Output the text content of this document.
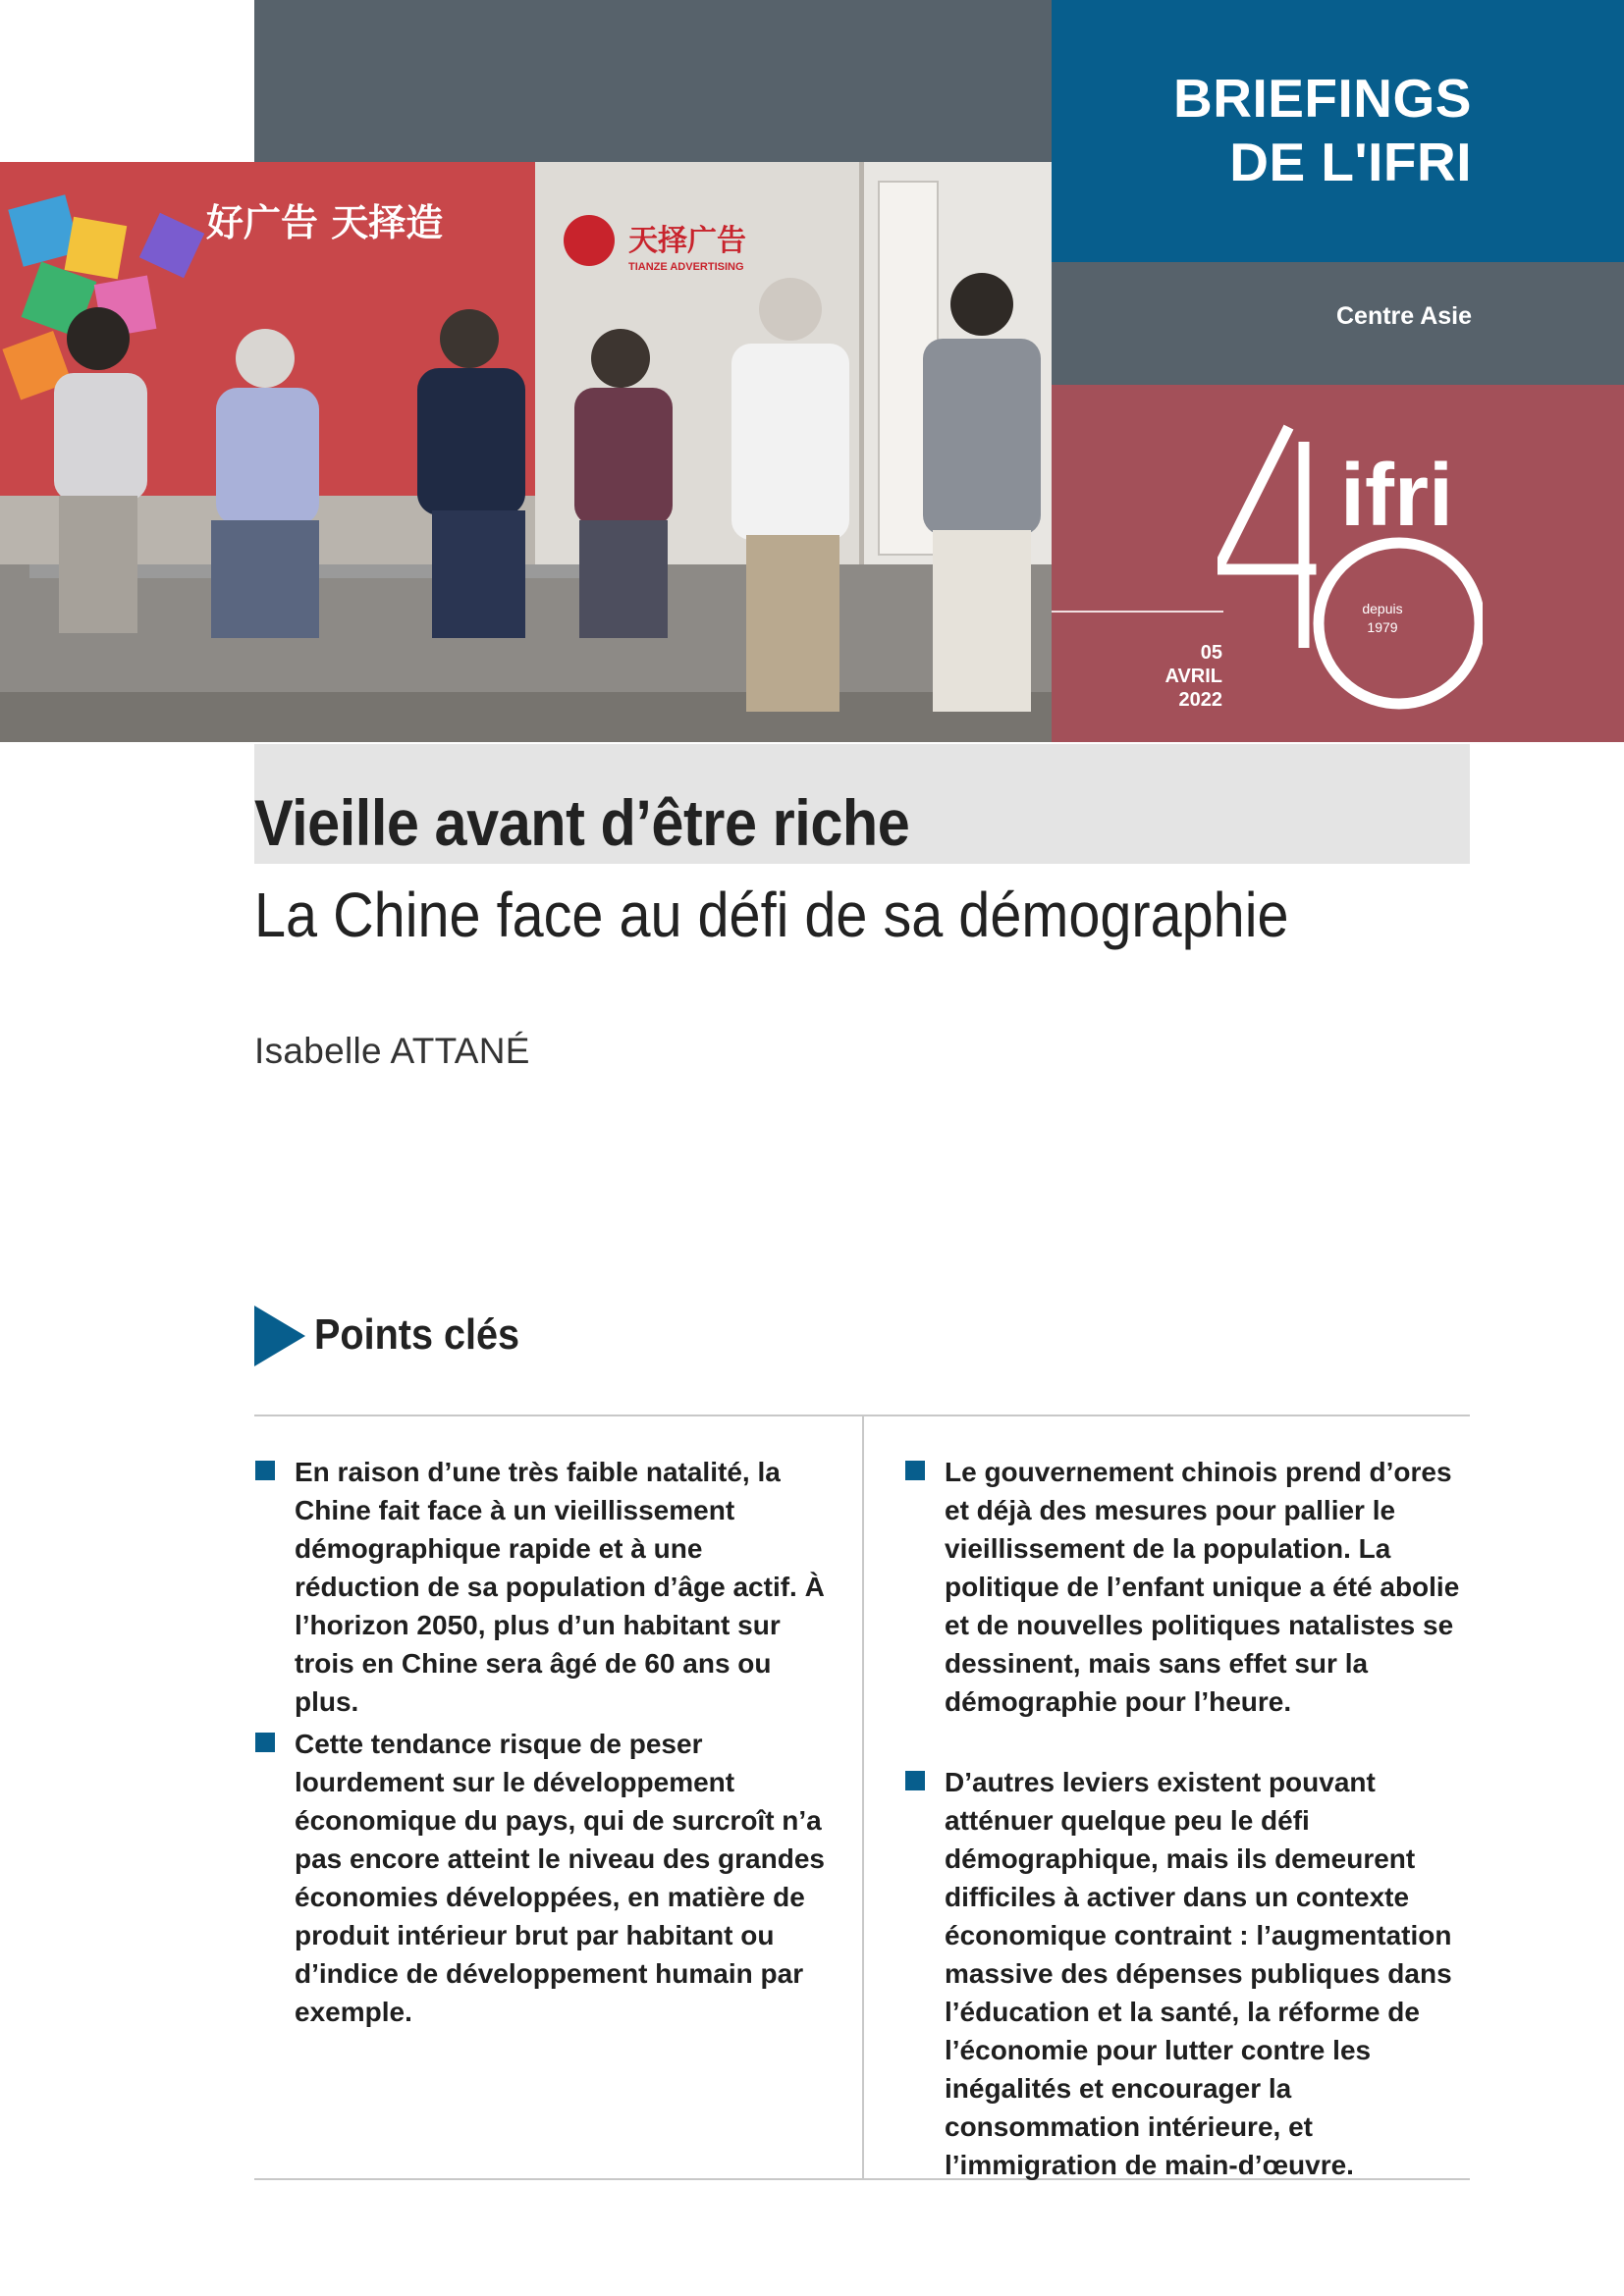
BRIEFINGS
DE L'IFRI
Centre Asie
05
AVRIL
2022
ifri
depuis
1979
好广告 天择造	天择广告
TIANZE ADVERTISING
Vieille avant d’être riche
La Chine face au défi de sa démographie
Isabelle ATTANÉ
Points clés
En raison d’une très faible natalité, la Chine fait face à un vieillissement démographique rapide et à une réduction de sa population d’âge actif. À l’horizon 2050, plus d’un habitant sur trois en Chine sera âgé de 60 ans ou plus.
Cette tendance risque de peser lourdement sur le développement économique du pays, qui de surcroît n’a pas encore atteint le niveau des grandes économies développées, en matière de produit intérieur brut par habitant ou d’indice de développement humain par exemple.
Le gouvernement chinois prend d’ores et déjà des mesures pour pallier le vieillissement de la population. La politique de l’enfant unique a été abolie et de nouvelles politiques natalistes se dessinent, mais sans effet sur la démographie pour l’heure.
D’autres leviers existent pouvant atténuer quelque peu le défi démographique, mais ils demeurent difficiles à activer dans un contexte économique contraint : l’augmentation massive des dépenses publiques dans l’éducation et la santé, la réforme de l’économie pour lutter contre les inégalités et encourager la consommation intérieure, et l’immigration de main-d’œuvre.
